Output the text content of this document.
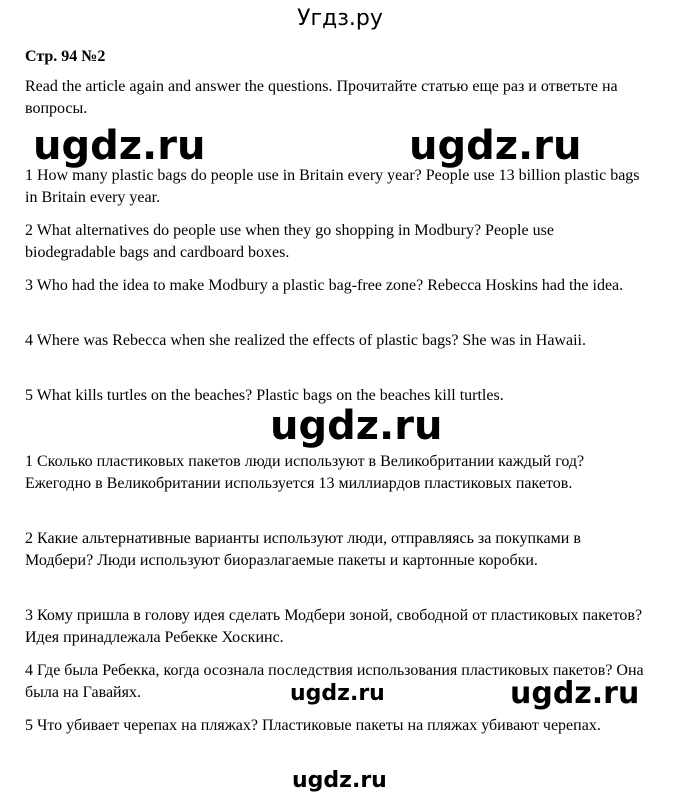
Угдз.ру
Стр. 94 №2

Read the article again and answer the questions. Прочитайте статью еще раз и ответьте на вопросы.

1 How many plastic bags do people use in Britain every year? People use 13 billion plastic bags in Britain every year.

2 What alternatives do people use when they go shopping in Modbury? People use biodegradable bags and cardboard boxes.

3 Who had the idea to make Modbury a plastic bag-free zone? Rebecca Hoskins had the idea.

4 Where was Rebecca when she realized the effects of plastic bags? She was in Hawaii.

5 What kills turtles on the beaches? Plastic bags on the beaches kill turtles.

1 Сколько пластиковых пакетов люди используют в Великобритании каждый год? Ежегодно в Великобритании используется 13 миллиардов пластиковых пакетов.

2 Какие альтернативные варианты используют люди, отправляясь за покупками в Модбери? Люди используют биоразлагаемые пакеты и картонные коробки.

3 Кому пришла в голову идея сделать Модбери зоной, свободной от пластиковых пакетов? Идея принадлежала Ребекке Хоскинс.

4 Где была Ребекка, когда осознала последствия использования пластиковых пакетов? Она была на Гавайях.

5 Что убивает черепах на пляжах? Пластиковые пакеты на пляжах убивают черепах.

ugdz.ru	ugdz.ru
ugdz.ru
ugdz.ru	ugdz.ru
ugdz.ru
